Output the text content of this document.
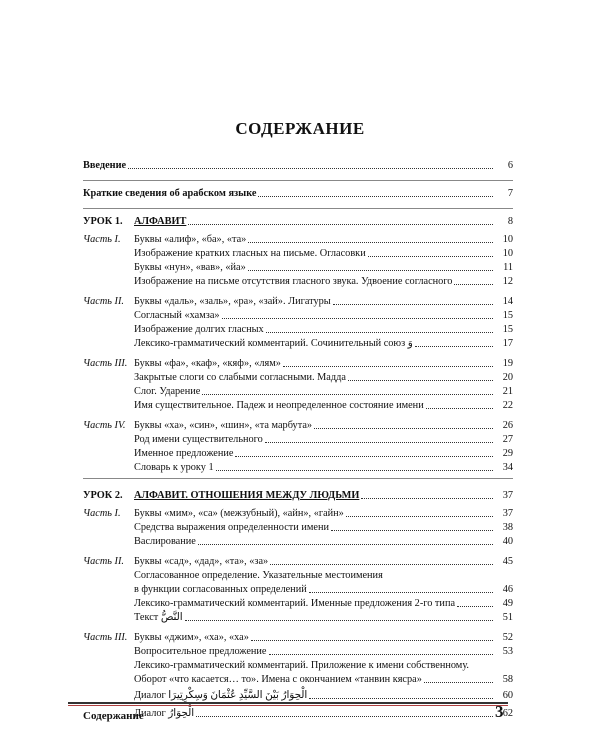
СОДЕРЖАНИЕ
Введение	6
Краткие сведения об арабском языке	7
УРОК 1.	АЛФАВИТ	8
Часть I.	Буквы «алиф», «ба», «та»	10
Изображение кратких гласных на письме. Огласовки	10
Буквы «нун», «вав», «йа»	11
Изображение на письме отсутствия гласного звука. Удвоение согласного	12
Часть II. Буквы «даль», «заль», «ра», «зай». Лигатуры	14
Согласный «хамза»	15
Изображение долгих гласных	15
Лексико-грамматический комментарий. Сочинительный союз وَ	17
Часть III. Буквы «фа», «каф», «кяф», «лям»	19
Закрытые слоги со слабыми согласными. Мадда	20
Слог. Ударение	21
Имя существительное. Падеж и неопределенное состояние имени	22
Часть IV. Буквы «ха», «син», «шин», «та марбута»	26
Род имени существительного	27
Именное предложение	29
Словарь к уроку 1	34
УРОК 2.	АЛФАВИТ. ОТНОШЕНИЯ МЕЖДУ ЛЮДЬМИ	37
Часть I.	Буквы «мим», «са» (межзубный), «айн», «гайн»	37
Средства выражения определенности имени	38
Васлирование	40
Часть II. Буквы «сад», «дад», «та», «за»	45
Согласованное определение. Указательные местоимения
в функции согласованных определений	46
Лексико-грамматический комментарий. Именные предложения 2-го типа	49
Текст النَّصُّ	51
Часть III. Буквы «джим», «ха», «ха»	52
Вопросительное предложение	53
Лексико-грамматический комментарий. Приложение к имени собственному.
Оборот «что касается… то». Имена с окончанием «танвин кясра»	58
Диалог الْحِوَارُ بَيْنَ السَّيِّدِ عُثْمَانَ وَسِكْرِتِيرَا	60
Диалог الْحِوَارُ	62
Содержание	3
